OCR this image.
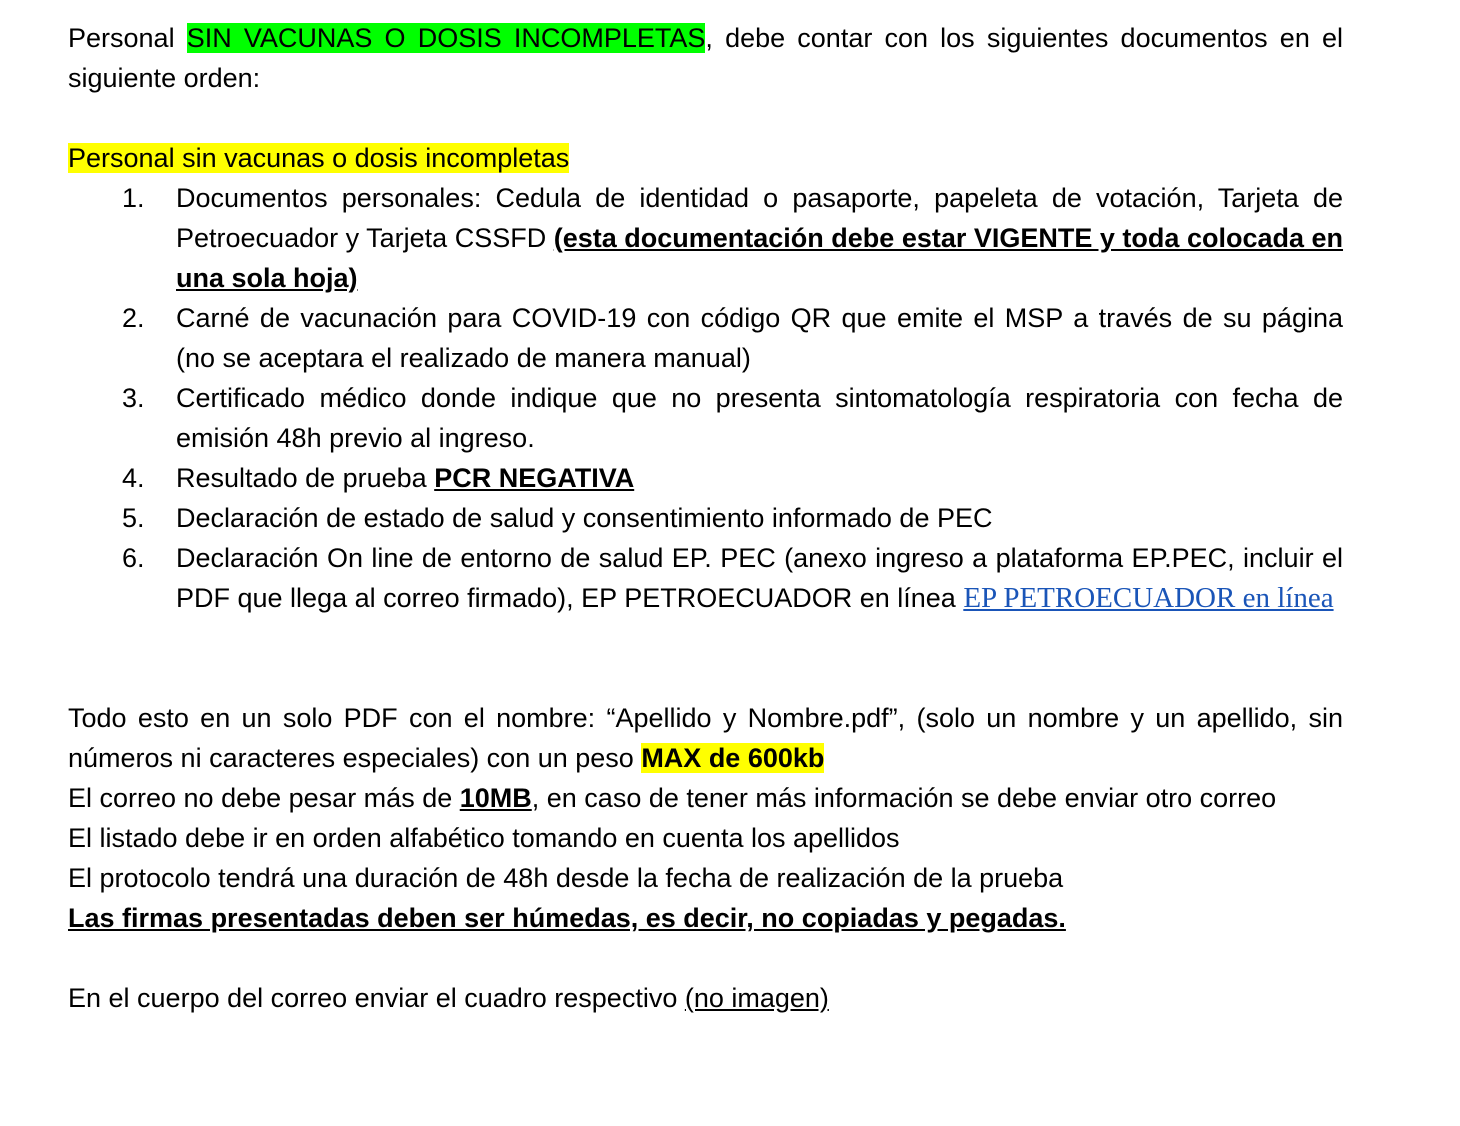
Personal SIN VACUNAS O DOSIS INCOMPLETAS, debe contar con los siguientes documentos en el siguiente orden:

Personal sin vacunas o dosis incompletas

1. Documentos personales: Cedula de identidad o pasaporte, papeleta de votación, Tarjeta de Petroecuador y Tarjeta CSSFD (esta documentación debe estar VIGENTE y toda colocada en una sola hoja)
2. Carné de vacunación para COVID-19 con código QR que emite el MSP a través de su página (no se aceptara el realizado de manera manual)
3. Certificado médico donde indique que no presenta sintomatología respiratoria con fecha de emisión 48h previo al ingreso.
4. Resultado de prueba PCR NEGATIVA
5. Declaración de estado de salud y consentimiento informado de PEC
6. Declaración On line de entorno de salud EP. PEC (anexo ingreso a plataforma EP.PEC, incluir el PDF que llega al correo firmado), EP PETROECUADOR en línea EP PETROECUADOR en línea

Todo esto en un solo PDF con el nombre: “Apellido y Nombre.pdf”, (solo un nombre y un apellido, sin números ni caracteres especiales) con un peso MAX de 600kb

El correo no debe pesar más de 10MB, en caso de tener más información se debe enviar otro correo

El listado debe ir en orden alfabético tomando en cuenta los apellidos

El protocolo tendrá una duración de 48h desde la fecha de realización de la prueba

Las firmas presentadas deben ser húmedas, es decir, no copiadas y pegadas.

En el cuerpo del correo enviar el cuadro respectivo (no imagen)
